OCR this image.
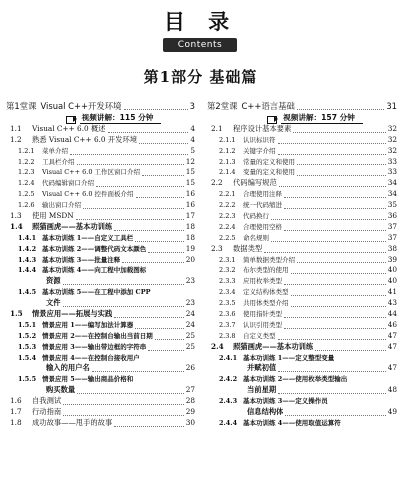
目 录
Contents
第1部分 基础篇
第1堂课 Visual C++开发环境	3
视频讲解：115 分钟
1.1	Visual C++ 6.0 概述	4
1.2	熟悉 Visual C++ 6.0 开发环境	4
1.2.1	菜单介绍	5
1.2.2	工具栏介绍	12
1.2.3	Visual C++ 6.0 工作区窗口介绍	15
1.2.4	代码编辑窗口介绍	15
1.2.5	Visual C++ 6.0 控件面板介绍	16
1.2.6	输出窗口介绍	16
1.3	使用 MSDN	17
1.4	照猫画虎——基本功训练	18
1.4.1 基本功训练 1——自定义工具栏	18
1.4.2 基本功训练 2——调整代码文本颜色	19
1.4.3 基本功训练 3——批量注释	20
1.4.4 基本功训练 4——向工程中加载图标
资源	23
1.4.5 基本功训练 5——在工程中添加 CPP
文件	23
1.5	情景应用——拓展与实践	24
1.5.1 情景应用 1——编写加法计算器	24
1.5.2 情景应用 2——在控制台输出当前日期	25
1.5.3 情景应用 3——输出带边框的字符串	25
1.5.4 情景应用 4——在控制台接收用户
输入的用户名	26
1.5.5 情景应用 5——输出商品价格和
购买数量	27
1.6	自我测试	28
1.7	行动指南	29
1.8	成功故事——甩手的故事	30
第2堂课 C++语言基础	31
视频讲解：157 分钟
2.1	程序设计基本要素	32
2.1.1	认识标识符	32
2.1.2	关键字介绍	32
2.1.3	常量的定义和使用	33
2.1.4	变量的定义和使用	33
2.2	代码编写规范	34
2.2.1	合理使用注释	34
2.2.2	统一代码缩进	35
2.2.3	代码换行	36
2.2.4	合理使用空格	37
2.2.5	命名规则	37
2.3	数据类型	38
2.3.1	简单数据类型介绍	39
2.3.2	布尔类型的使用	40
2.3.3	应用枚举类型	40
2.3.4	定义结构体类型	41
2.3.5	共用体类型介绍	43
2.3.6	使用指针类型	44
2.3.7	认识引用类型	46
2.3.8	自定义类型	47
2.4	照猫画虎——基本功训练	47
2.4.1 基本功训练 1——定义整型变量
并赋初值	47
2.4.2 基本功训练 2——使用枚举类型输出
当前星期	48
2.4.3 基本功训练 3——定义操作员
信息结构体	49
2.4.4 基本功训练 4——使用取值运算符
